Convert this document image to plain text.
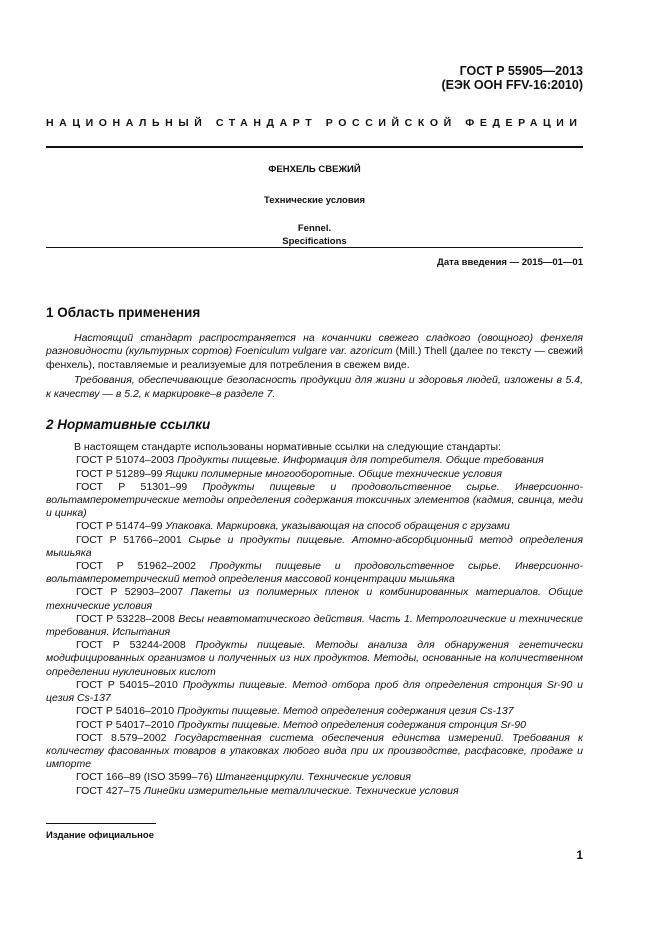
ГОСТ Р 55905—2013
(ЕЭК ООН FFV-16:2010)
НАЦИОНАЛЬНЫЙ СТАНДАРТ РОССИЙСКОЙ ФЕДЕРАЦИИ
ФЕНХЕЛЬ СВЕЖИЙ
Технические условия
Fennel.
Specifications
Дата введения — 2015—01—01
1 Область применения

Настоящий стандарт распространяется на кочанчики свежего сладкого (овощного) фенхеля разновидности (культурных сортов) Foeniculum vulgare var. azoricum (Mill.) Thell (далее по тексту — свежий фенхель), поставляемые и реализуемые для потребления в свежем виде.

Требования, обеспечивающие безопасность продукции для жизни и здоровья людей, изложены в 5.4, к качеству — в 5.2, к маркировке–в разделе 7.

2 Нормативные ссылки

В настоящем стандарте использованы нормативные ссылки на следующие стандарты:

ГОСТ Р 51074–2003 Продукты пищевые. Информация для потребителя. Общие требования

ГОСТ Р 51289–99 Ящики полимерные многооборотные. Общие технические условия

ГОСТ Р 51301–99 Продукты пищевые и продовольственное сырье. Инверсионно-вольтамперометрические методы определения содержания токсичных элементов (кадмия, свинца, меди и цинка)

ГОСТ Р 51474–99 Упаковка. Маркировка, указывающая на способ обращения с грузами

ГОСТ Р 51766–2001 Сырье и продукты пищевые. Атомно-абсорбционный метод определения мышьяка

ГОСТ Р 51962–2002 Продукты пищевые и продовольственное сырье. Инверсионно-вольтамперометрический метод определения массовой концентрации мышьяка

ГОСТ Р 52903–2007 Пакеты из полимерных пленок и комбинированных материалов. Общие технические условия

ГОСТ Р 53228–2008 Весы неавтоматического действия. Часть 1. Метрологические и технические требования. Испытания

ГОСТ Р 53244-2008 Продукты пищевые. Методы анализа для обнаружения генетически модифицированных организмов и полученных из них продуктов. Методы, основанные на количественном определении нуклеиновых кислот

ГОСТ Р 54015–2010 Продукты пищевые. Метод отбора проб для определения стронция Sr-90 и цезия Cs-137

ГОСТ Р 54016–2010 Продукты пищевые. Метод определения содержания цезия Cs-137

ГОСТ Р 54017–2010 Продукты пищевые. Метод определения содержания стронция Sr-90

ГОСТ 8.579–2002 Государственная система обеспечения единства измерений. Требования к количеству фасованных товаров в упаковках любого вида при их производстве, расфасовке, продаже и импорте

ГОСТ 166–89 (ISO 3599–76) Штангенциркули. Технические условия

ГОСТ 427–75 Линейки измерительные металлические. Технические условия

Издание официальное
1
